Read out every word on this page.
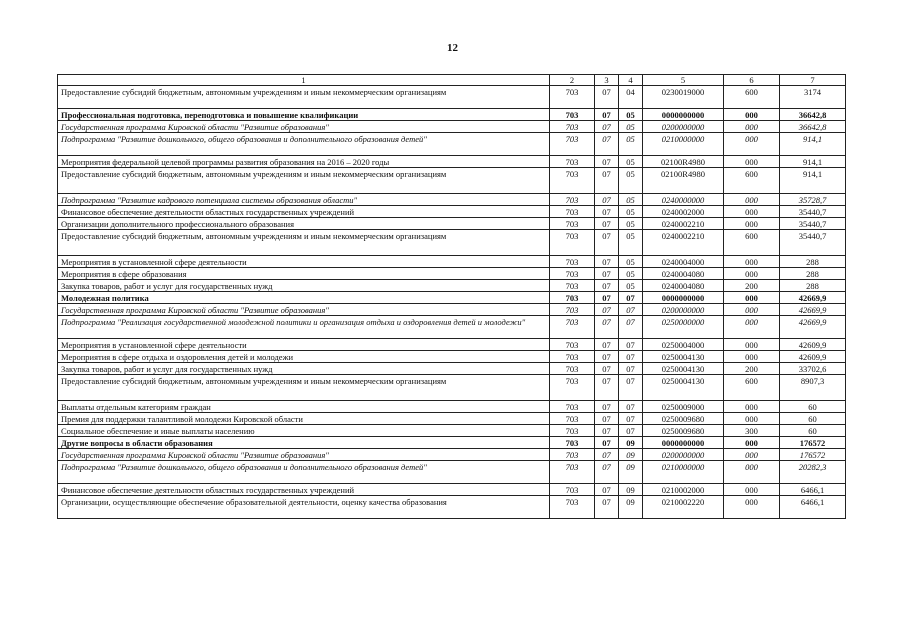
12
1	2	3	4	5	6	7
Предоставление субсидий бюджетным, автономным учреждениям и иным некоммерческим организациям	703	07	04	0230019000	600	3174
Профессиональная подготовка, переподготовка и повышение квалификации	703	07	05	0000000000	000	36642,8
Государственная программа Кировской области "Развитие образования"	703	07	05	0200000000	000	36642,8
Подпрограмма "Развитие дошкольного, общего образования и дополнительного образования детей"	703	07	05	0210000000	000	914,1
Мероприятия федеральной целевой программы развития образования на 2016 – 2020 годы	703	07	05	02100R4980	000	914,1
Предоставление субсидий бюджетным, автономным учреждениям и иным некоммерческим организациям	703	07	05	02100R4980	600	914,1
Подпрограмма "Развитие кадрового потенциала системы образования области"	703	07	05	0240000000	000	35728,7
Финансовое обеспечение деятельности областных государственных учреждений	703	07	05	0240002000	000	35440,7
Организации дополнительного профессионального образования	703	07	05	0240002210	000	35440,7
Предоставление субсидий бюджетным, автономным учреждениям и иным некоммерческим организациям	703	07	05	0240002210	600	35440,7
Мероприятия в установленной сфере деятельности	703	07	05	0240004000	000	288
Мероприятия в сфере образования	703	07	05	0240004080	000	288
Закупка товаров, работ и услуг для государственных нужд	703	07	05	0240004080	200	288
Молодежная политика	703	07	07	0000000000	000	42669,9
Государственная программа Кировской области "Развитие образования"	703	07	07	0200000000	000	42669,9
Подпрограмма "Реализация государственной молодежной политики и организация отдыха и оздоровления детей и молодежи"	703	07	07	0250000000	000	42669,9
Мероприятия в установленной сфере деятельности	703	07	07	0250004000	000	42609,9
Мероприятия в сфере отдыха и оздоровления детей и молодежи	703	07	07	0250004130	000	42609,9
Закупка товаров, работ и услуг для государственных нужд	703	07	07	0250004130	200	33702,6
Предоставление субсидий бюджетным, автономным учреждениям и иным некоммерческим организациям	703	07	07	0250004130	600	8907,3
Выплаты отдельным категориям граждан	703	07	07	0250009000	000	60
Премия для поддержки талантливой молодежи Кировской области	703	07	07	0250009680	000	60
Социальное обеспечение и иные выплаты населению	703	07	07	0250009680	300	60
Другие вопросы в области образования	703	07	09	0000000000	000	176572
Государственная программа Кировской области "Развитие образования"	703	07	09	0200000000	000	176572
Подпрограмма "Развитие дошкольного, общего образования и дополнительного образования детей"	703	07	09	0210000000	000	20282,3
Финансовое обеспечение деятельности областных государственных учреждений	703	07	09	0210002000	000	6466,1
Организации, осуществляющие обеспечение образовательной деятельности, оценку качества образования	703	07	09	0210002220	000	6466,1
